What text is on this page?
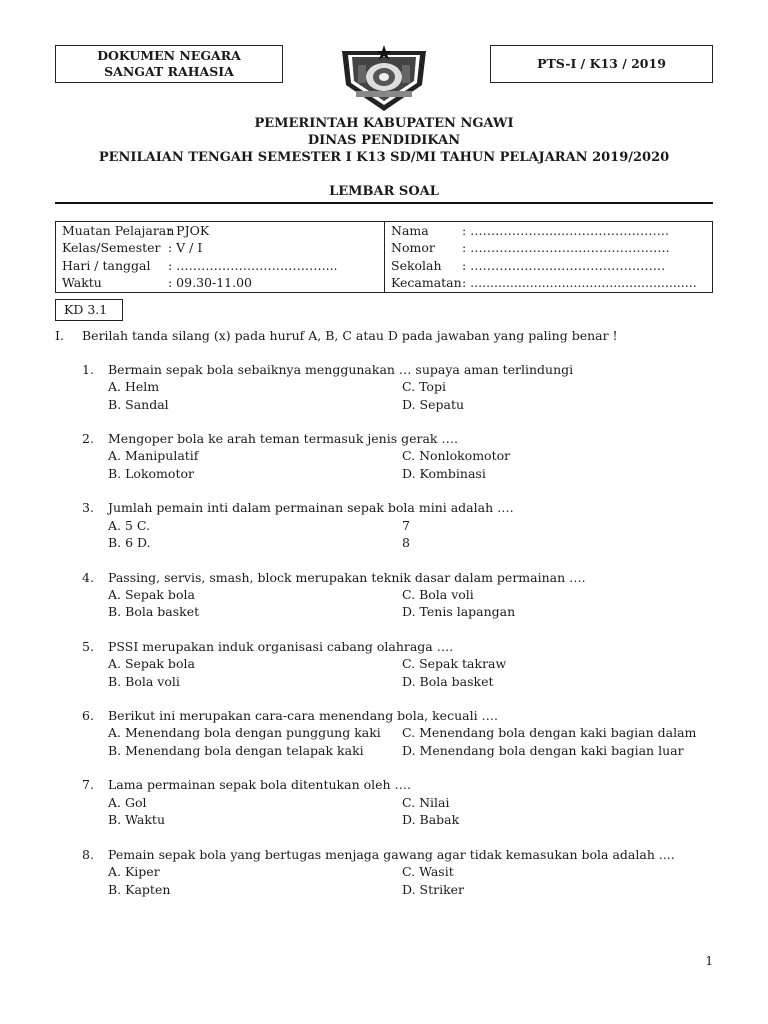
DOKUMEN NEGARA
SANGAT RAHASIA
PTS-I / K13 / 2019
PEMERINTAH KABUPATEN NGAWI
DINAS PENDIDIKAN
PENILAIAN TENGAH SEMESTER I K13 SD/MI TAHUN PELAJARAN 2019/2020
LEMBAR SOAL
Muatan Pelajaran
: PJOK
Kelas/Semester : V / I
Hari / tanggal : ………………..……………....
Waktu	: 09.30-11.00
Nama	: ……………….....…………………….
Nomor : ……………………..………………….
Sekolah : ………………....…………………….
Kecamatan : .........................................................
KD 3.1
I. Berilah tanda silang (x) pada huruf A, B, C atau D pada jawaban yang paling benar !
1. Bermain sepak bola sebaiknya menggunakan … supaya aman terlindungi
A. Helm	C. Topi
B. Sandal	D. Sepatu
2. Mengoper bola ke arah teman termasuk jenis gerak ….
A. Manipulatif	C. Nonlokomotor
B. Lokomotor	D. Kombinasi
3. Jumlah pemain inti dalam permainan sepak bola mini adalah ….
A. 5 C.	7
B. 6 D.	8
4. Passing, servis, smash, block merupakan teknik dasar dalam permainan ….
A. Sepak bola	C. Bola voli
B. Bola basket	D. Tenis lapangan
5. PSSI merupakan induk organisasi cabang olahraga ….
A. Sepak bola	C. Sepak takraw
B. Bola voli	D. Bola basket
6. Berikut ini merupakan cara-cara menendang bola, kecuali ….
A. Menendang bola dengan punggung kaki C. Menendang bola dengan kaki bagian dalam
B. Menendang bola dengan telapak kaki	D. Menendang bola dengan kaki bagian luar
7. Lama permainan sepak bola ditentukan oleh ….
A. Gol	C. Nilai
B. Waktu	D. Babak
8. Pemain sepak bola yang bertugas menjaga gawang agar tidak kemasukan bola adalah ....
A. Kiper	C. Wasit
B. Kapten	D. Striker
1
